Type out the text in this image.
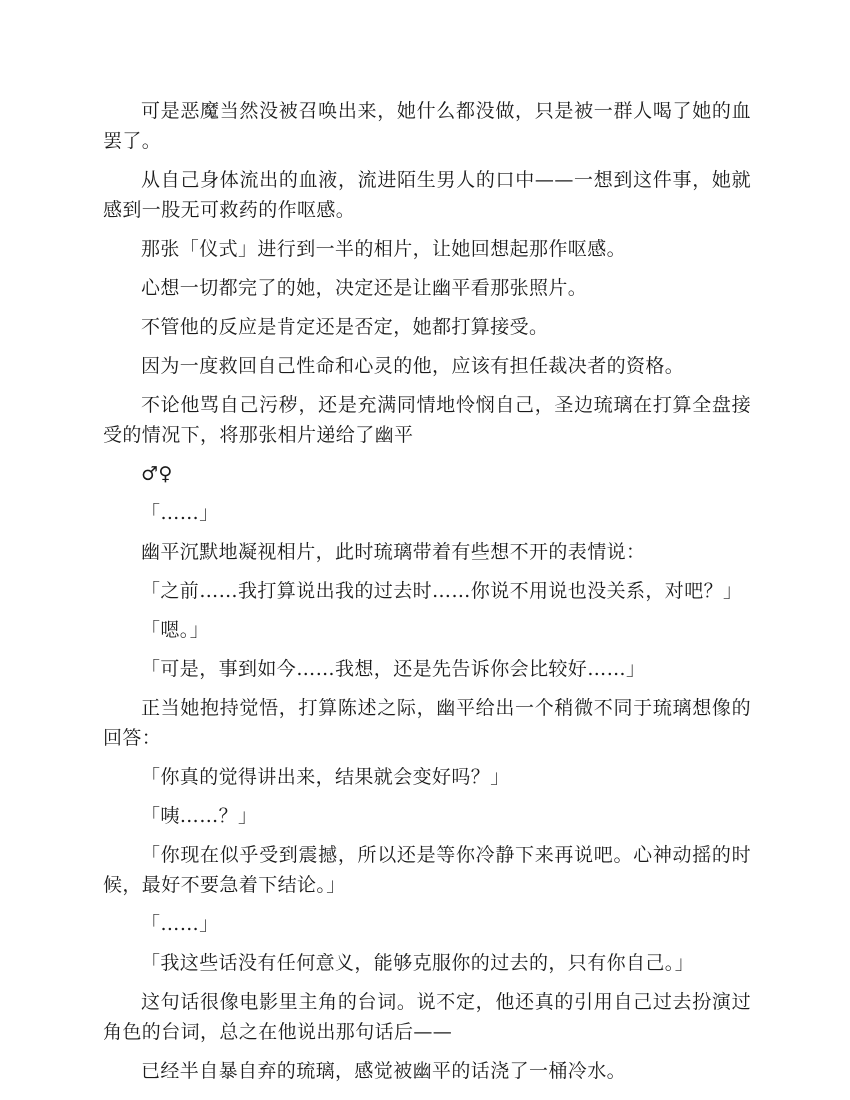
可是恶魔当然没被召唤出来，她什么都没做，只是被一群人喝了她的血罢了。

从自己身体流出的血液，流进陌生男人的口中——一想到这件事，她就感到一股无可救药的作呕感。

那张「仪式」进行到一半的相片，让她回想起那作呕感。

心想一切都完了的她，决定还是让幽平看那张照片。

不管他的反应是肯定还是否定，她都打算接受。

因为一度救回自己性命和心灵的他，应该有担任裁决者的资格。

不论他骂自己污秽，还是充满同情地怜悯自己，圣边琉璃在打算全盘接受的情况下，将那张相片递给了幽平

♂♀

「……」

幽平沉默地凝视相片，此时琉璃带着有些想不开的表情说：

「之前……我打算说出我的过去时……你说不用说也没关系，对吧？」

「嗯。」

「可是，事到如今……我想，还是先告诉你会比较好……」

正当她抱持觉悟，打算陈述之际，幽平给出一个稍微不同于琉璃想像的回答：

「你真的觉得讲出来，结果就会变好吗？」

「咦……？」

「你现在似乎受到震撼，所以还是等你冷静下来再说吧。心神动摇的时候，最好不要急着下结论。」

「……」

「我这些话没有任何意义，能够克服你的过去的，只有你自己。」

这句话很像电影里主角的台词。说不定，他还真的引用自己过去扮演过角色的台词，总之在他说出那句话后——

已经半自暴自弃的琉璃，感觉被幽平的话浇了一桶冷水。
